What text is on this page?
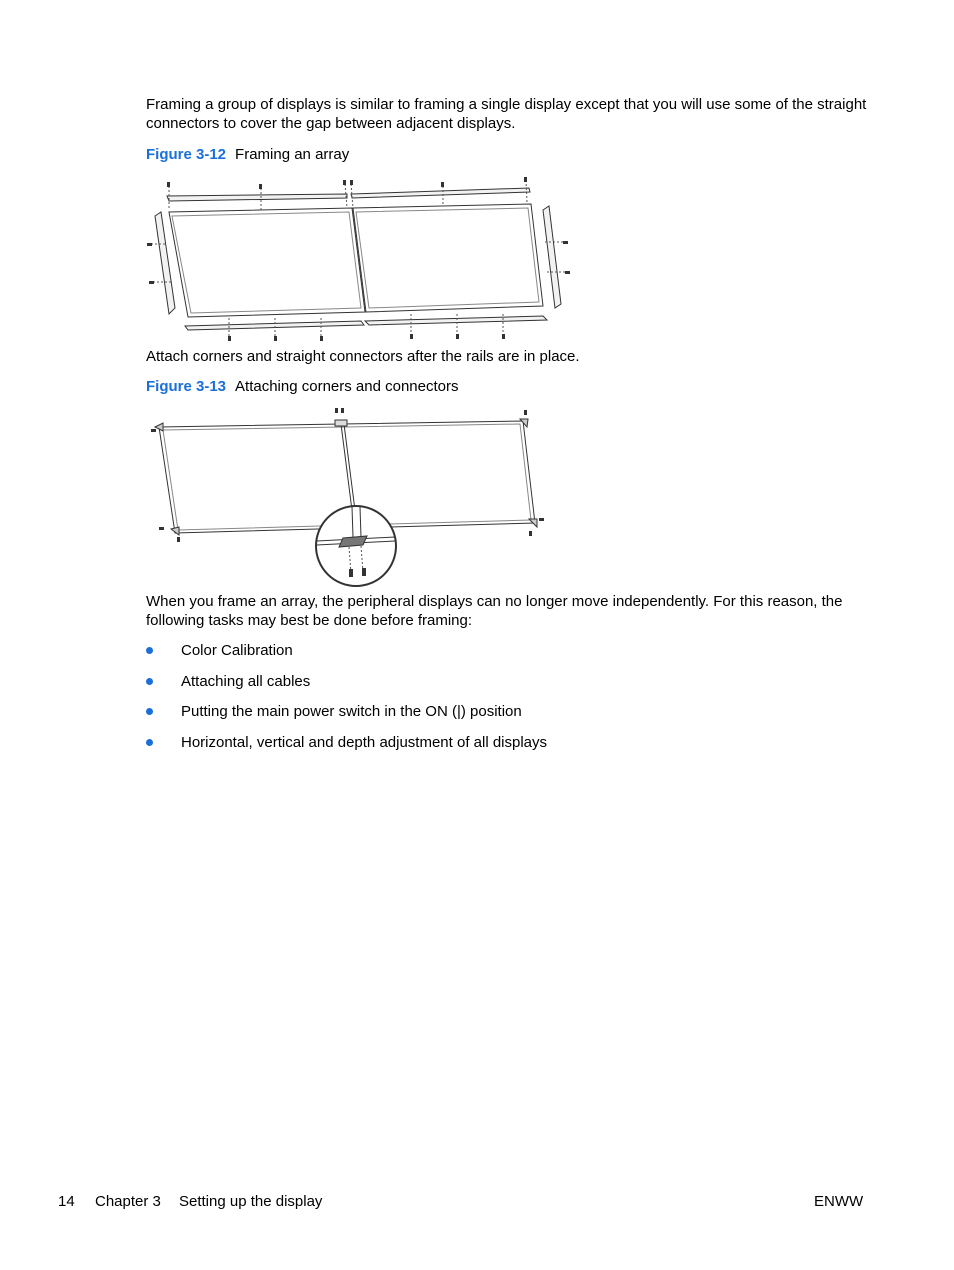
Framing a group of displays is similar to framing a single display except that you will use some of the straight connectors to cover the gap between adjacent displays.

Figure 3-12 Framing an array

Attach corners and straight connectors after the rails are in place.

Figure 3-13 Attaching corners and connectors

When you frame an array, the peripheral displays can no longer move independently. For this reason, the following tasks may best be done before framing:

Color Calibration
Attaching all cables
Putting the main power switch in the ON (|) position
Horizontal, vertical and depth adjustment of all displays
14 Chapter 3 Setting up the display	ENWW
